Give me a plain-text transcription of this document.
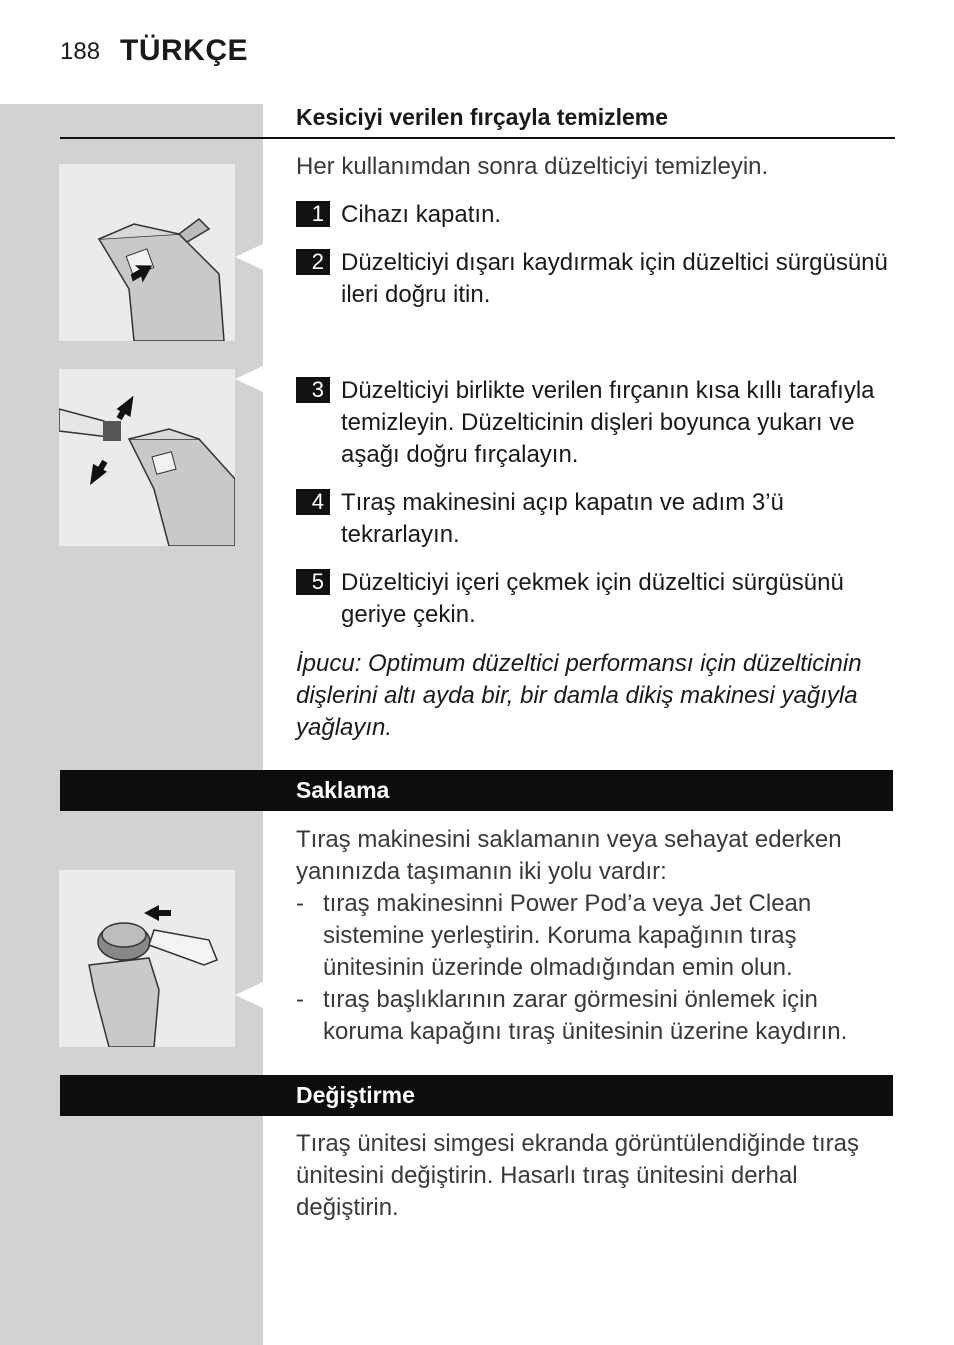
188 TÜRKÇE
Kesiciyi verilen fırçayla temizleme
Her kullanımdan sonra düzelticiyi temizleyin.
1 Cihazı kapatın.
2 Düzelticiyi dışarı kaydırmak için düzeltici sürgüsünü ileri doğru itin.
3 Düzelticiyi birlikte verilen fırçanın kısa kıllı tarafıyla temizleyin. Düzelticinin dişleri boyunca yukarı ve aşağı doğru fırçalayın.
4 Tıraş makinesini açıp kapatın ve adım 3’ü tekrarlayın.
5 Düzelticiyi içeri çekmek için düzeltici sürgüsünü geriye çekin.
İpucu: Optimum düzeltici performansı için düzelticinin dişlerini altı ayda bir, bir damla dikiş makinesi yağıyla yağlayın.
Saklama
Tıraş makinesini saklamanın veya sehayat ederken yanınızda taşımanın iki yolu vardır:
- tıraş makinesinni Power Pod’a veya Jet Clean sistemine yerleştirin. Koruma kapağının tıraş ünitesinin üzerinde olmadığından emin olun.
- tıraş başlıklarının zarar görmesini önlemek için koruma kapağını tıraş ünitesinin üzerine kaydırın.
Değiştirme
Tıraş ünitesi simgesi ekranda görüntülendiğinde tıraş ünitesini değiştirin. Hasarlı tıraş ünitesini derhal değiştirin.
